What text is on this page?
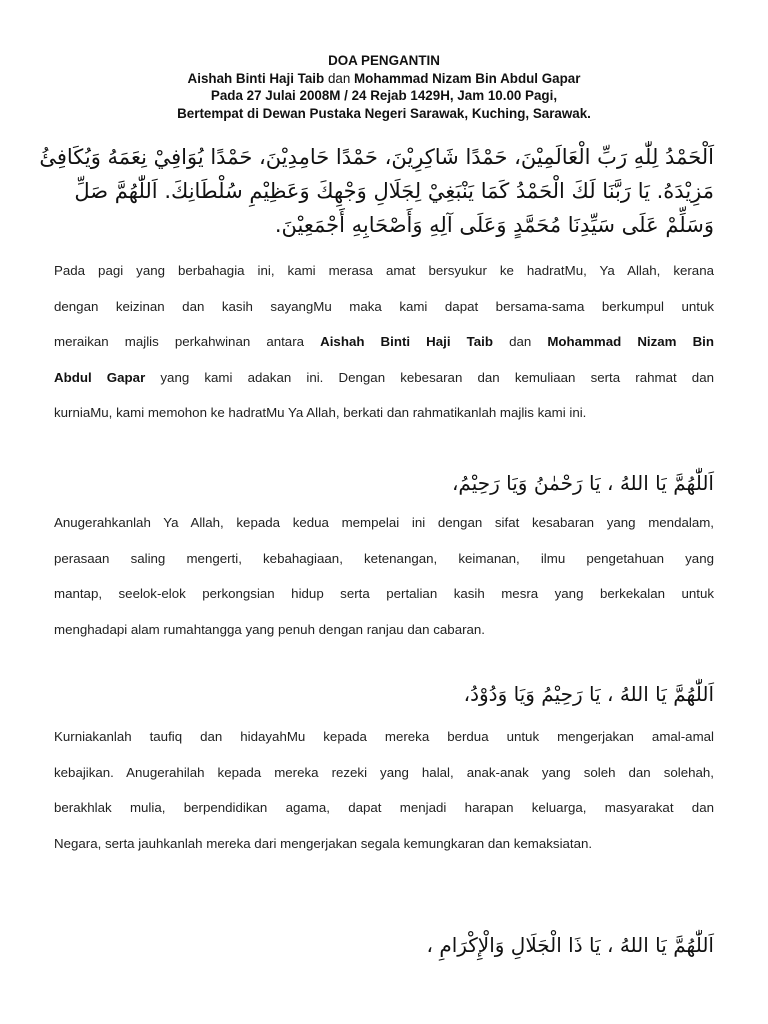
DOA PENGANTIN
Aishah Binti Haji Taib dan Mohammad Nizam Bin Abdul Gapar
Pada 27 Julai 2008M / 24 Rejab 1429H, Jam 10.00 Pagi,
Bertempat di Dewan Pustaka Negeri Sarawak, Kuching, Sarawak.
اَلْحَمْدُ لِلّٰهِ رَبِّ الْعَالَمِيْنَ، حَمْدًا شَاكِرِيْنَ، حَمْدًا حَامِدِيْنَ، حَمْدًا يُوَافِيْ نِعَمَهُ وَيُكَافِئُ
مَزِيْدَهُ. يَا رَبَّنَا لَكَ الْحَمْدُ كَمَا يَنْبَغِيْ لِجَلَالِ وَجْهِكَ وَعَظِيْمِ سُلْطَانِكَ. اَللّٰهُمَّ صَلِّ
وَسَلِّمْ عَلَى سَيِّدِنَا مُحَمَّدٍ وَعَلَى آلِهِ وَأَصْحَابِهِ أَجْمَعِيْنَ.
Pada pagi yang berbahagia ini, kami merasa amat bersyukur ke hadratMu, Ya Allah, kerana
dengan keizinan dan kasih sayangMu maka kami dapat bersama-sama berkumpul untuk
meraikan majlis perkahwinan antara Aishah Binti Haji Taib dan Mohammad Nizam Bin
Abdul Gapar yang kami adakan ini. Dengan kebesaran dan kemuliaan serta rahmat dan
kurniaMu, kami memohon ke hadratMu Ya Allah, berkati dan rahmatikanlah majlis kami ini.
اَللّٰهُمَّ يَا اللهُ ، يَا رَحْمٰنُ وَيَا رَحِيْمُ،
Anugerahkanlah Ya Allah, kepada kedua mempelai ini dengan sifat kesabaran yang mendalam,
perasaan saling mengerti, kebahagiaan, ketenangan, keimanan, ilmu pengetahuan yang
mantap, seelok-elok perkongsian hidup serta pertalian kasih mesra yang berkekalan untuk
menghadapi alam rumahtangga yang penuh dengan ranjau dan cabaran.
اَللّٰهُمَّ يَا اللهُ ، يَا رَحِيْمُ وَيَا وَدُوْدُ،
Kurniakanlah taufiq dan hidayahMu kepada mereka berdua untuk mengerjakan amal-amal
kebajikan. Anugerahilah kepada mereka rezeki yang halal, anak-anak yang soleh dan solehah,
berakhlak mulia, berpendidikan agama, dapat menjadi harapan keluarga, masyarakat dan
Negara, serta jauhkanlah mereka dari mengerjakan segala kemungkaran dan kemaksiatan.
اَللّٰهُمَّ يَا اللهُ ، يَا ذَا الْجَلَالِ وَالْإِكْرَامِ ،
